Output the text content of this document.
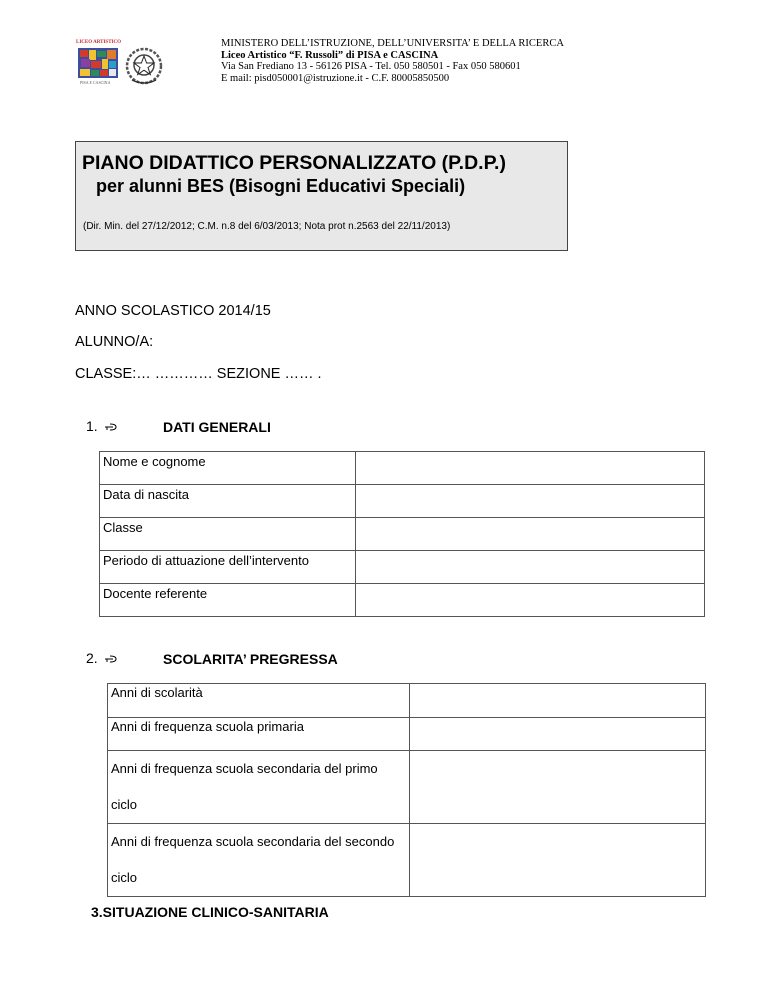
LICEO ARTISTICO
PISA E CASCINA
MINISTERO DELL’ISTRUZIONE, DELL’UNIVERSITA’ E DELLA RICERCA
Liceo Artistico “F. Russoli” di PISA e CASCINA
Via San Frediano 13 - 56126 PISA - Tel. 050 580501 - Fax 050 580601
E mail: pisd050001@istruzione.it - C.F. 80005850500
PIANO DIDATTICO PERSONALIZZATO (P.D.P.)
per alunni BES (Bisogni Educativi Speciali)
(Dir. Min. del 27/12/2012; C.M. n.8 del 6/03/2013; Nota prot n.2563 del 22/11/2013)
ANNO SCOLASTICO 2014/15
ALUNNO/A:
CLASSE:… ………… SEZIONE …… .
1.	DATI GENERALI
Nome e cognome	
Data di nascita	
Classe	
Periodo di attuazione dell’intervento	
Docente referente	
2.	SCOLARITA’ PREGRESSA
Anni di scolarità	
Anni di frequenza scuola primaria	
Anni di frequenza scuola secondaria del primo ciclo	
Anni di frequenza scuola secondaria del secondo ciclo	
3.SITUAZIONE CLINICO-SANITARIA
